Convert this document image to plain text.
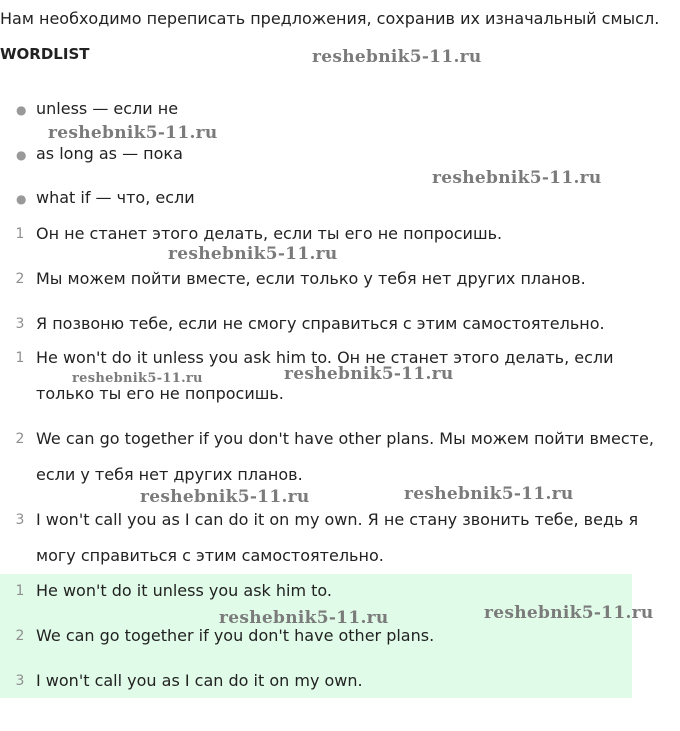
Нам необходимо переписать предложения, сохранив их изначальный смысл.

WORDLIST
● unless — если не
● as long as — пока
● what if — что, если
1 Он не станет этого делать, если ты его не попросишь.
2 Мы можем пойти вместе, если только у тебя нет других планов.
3 Я позвоню тебе, если не смогу справиться с этим самостоятельно.
1 He won't do it unless you ask him to. Он не станет этого делать, если только ты его не попросишь.
2 We can go together if you don't have other plans. Мы можем пойти вместе, если у тебя нет других планов.
3 I won't call you as I can do it on my own. Я не стану звонить тебе, ведь я могу справиться с этим самостоятельно.
1 He won't do it unless you ask him to.
2 We can go together if you don't have other plans.
3 I won't call you as I can do it on my own.
reshebnik5-11.ru
reshebnik5-11.ru
reshebnik5-11.ru
reshebnik5-11.ru
reshebnik5-11.ru	reshebnik5-11.ru
reshebnik5-11.ru	reshebnik5-11.ru
reshebnik5-11.ru	reshebnik5-11.ru
